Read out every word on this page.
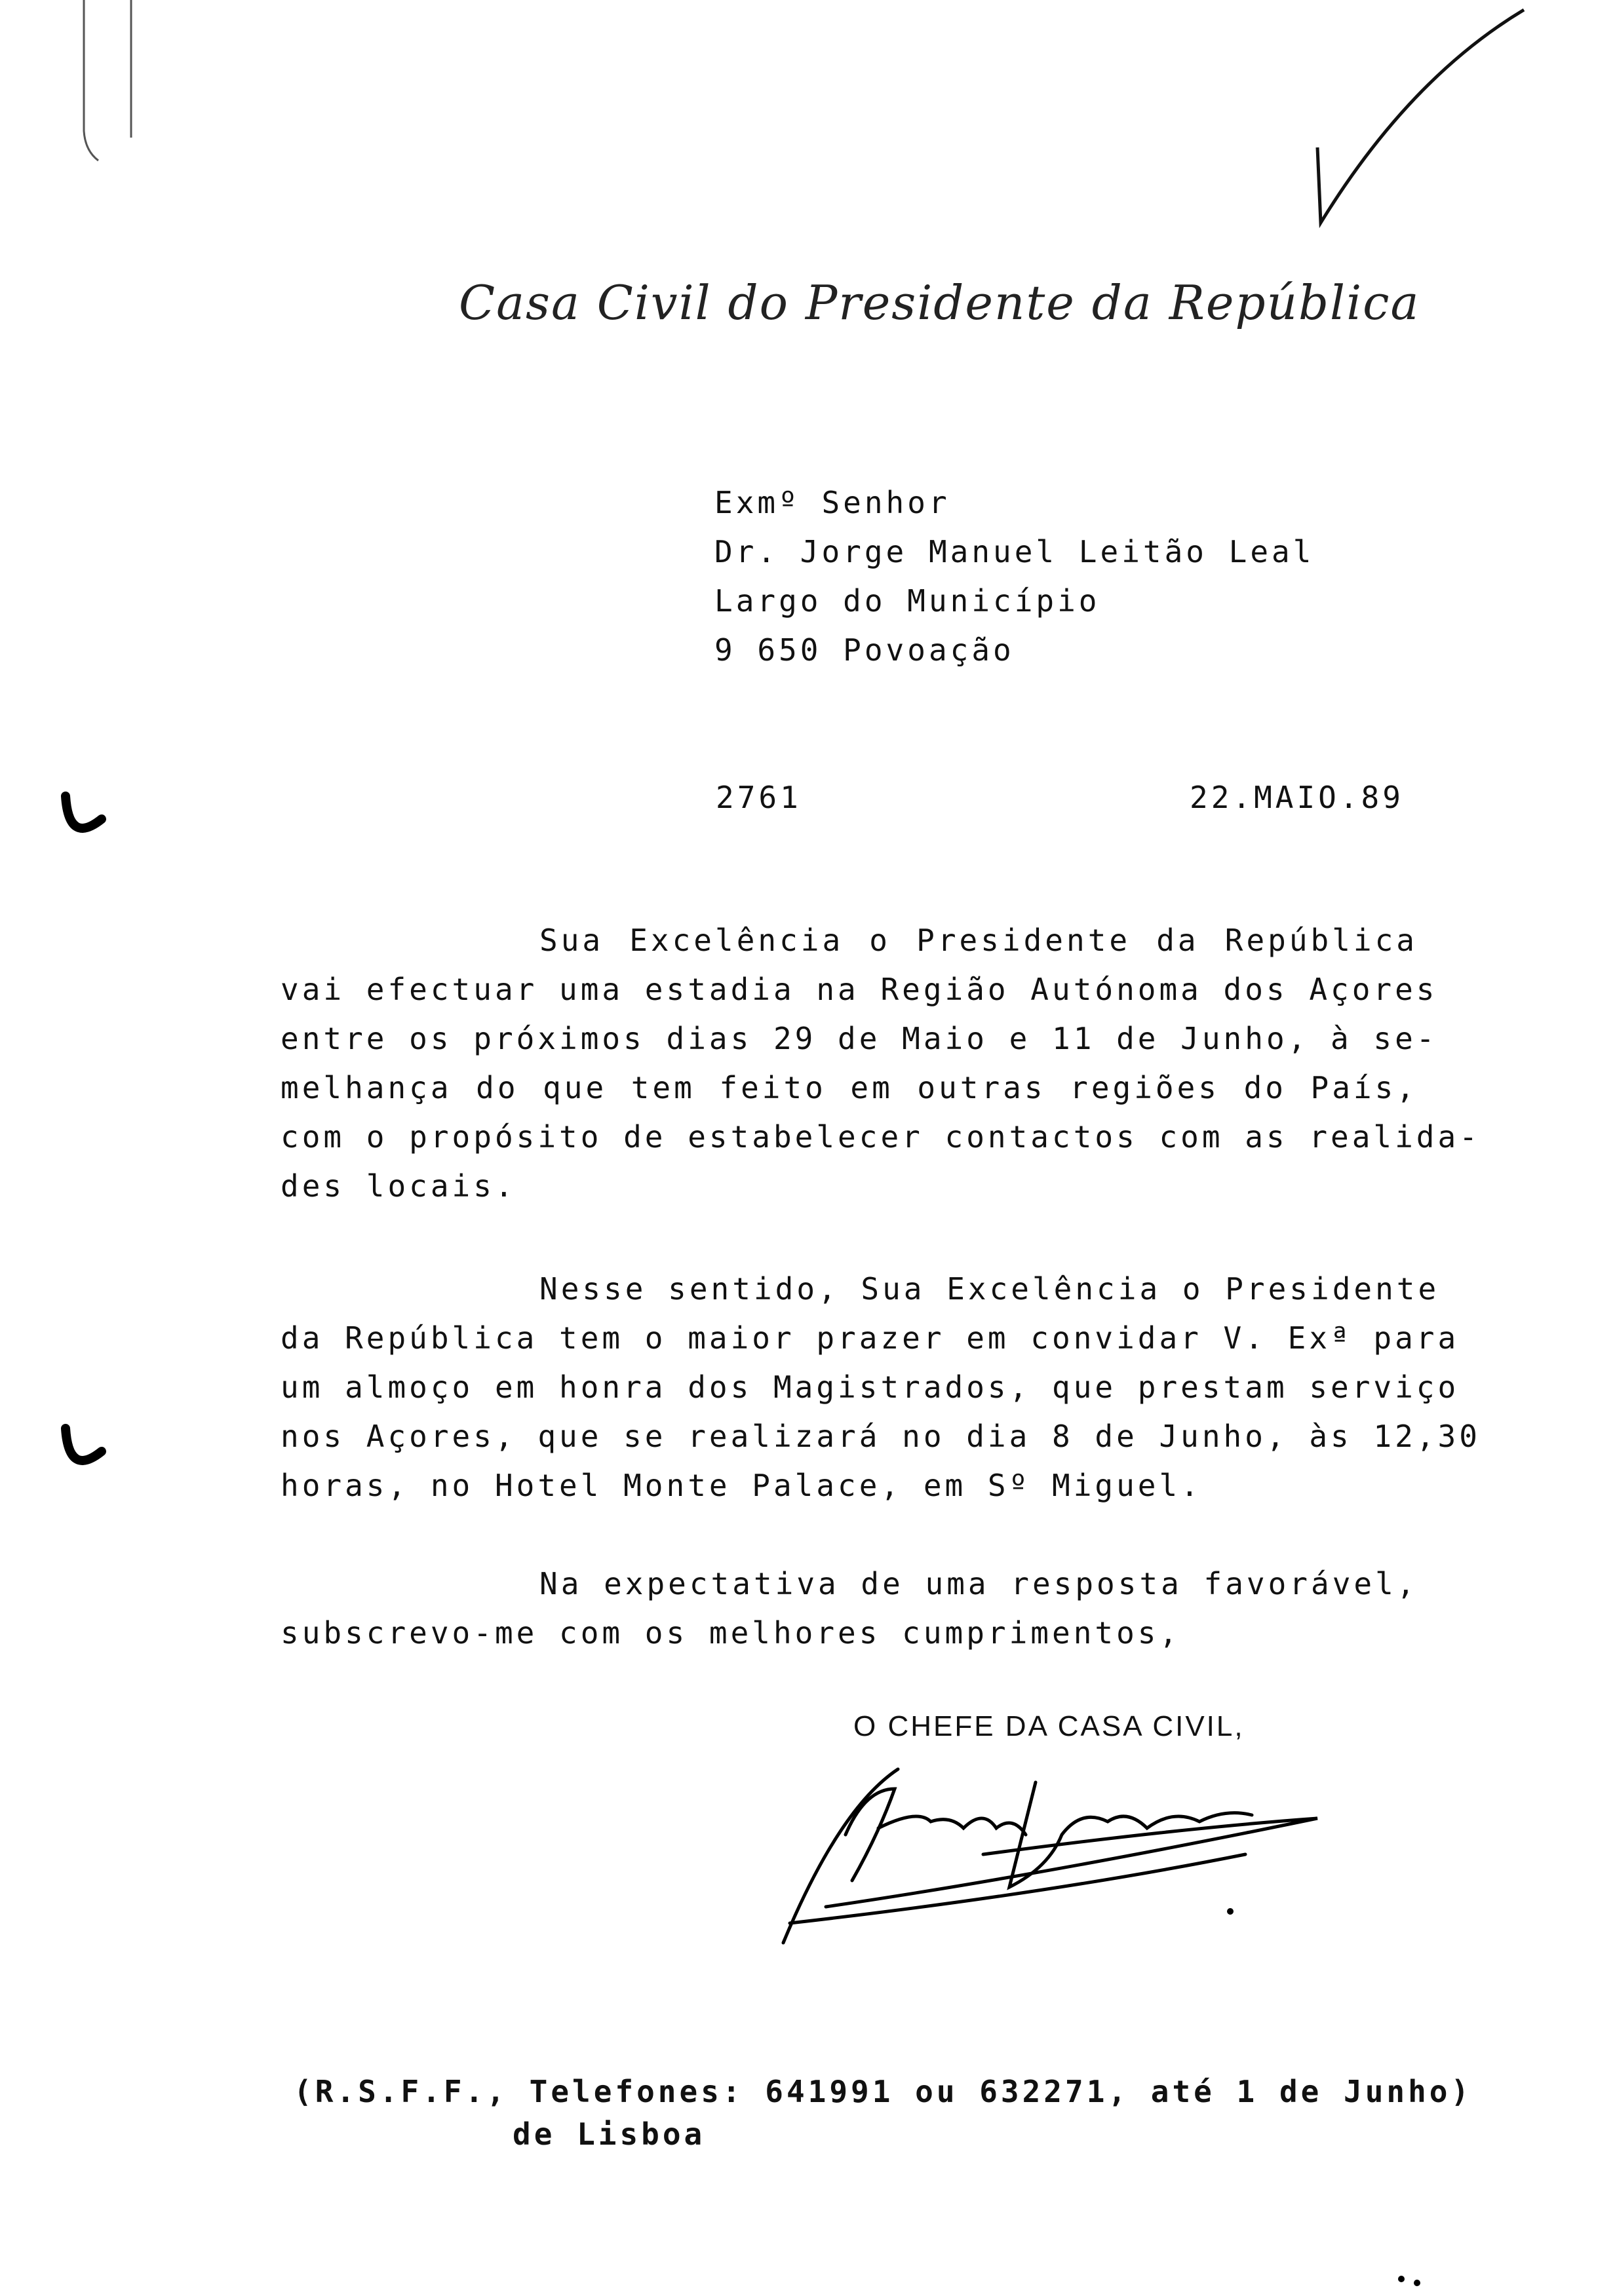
Casa Civil do Presidente da República
Exmº Senhor
Dr. Jorge Manuel Leitão Leal
Largo do Município
9 650 Povoação
2761	22.MAIO.89
Sua Excelência o Presidente da República
vai efectuar uma estadia na Região Autónoma dos Açores
entre os próximos dias 29 de Maio e 11 de Junho, à se-
melhança do que tem feito em outras regiões do País,
com o propósito de estabelecer contactos com as realida-
des locais.
Nesse sentido, Sua Excelência o Presidente
da República tem o maior prazer em convidar V. Exª para
um almoço em honra dos Magistrados, que prestam serviço
nos Açores, que se realizará no dia 8 de Junho, às 12,30
horas, no Hotel Monte Palace, em Sº Miguel.
Na expectativa de uma resposta favorável,
subscrevo-me com os melhores cumprimentos,
O CHEFE DA CASA CIVIL,
(R.S.F.F., Telefones: 641991 ou 632271, até 1 de Junho)
de Lisboa
